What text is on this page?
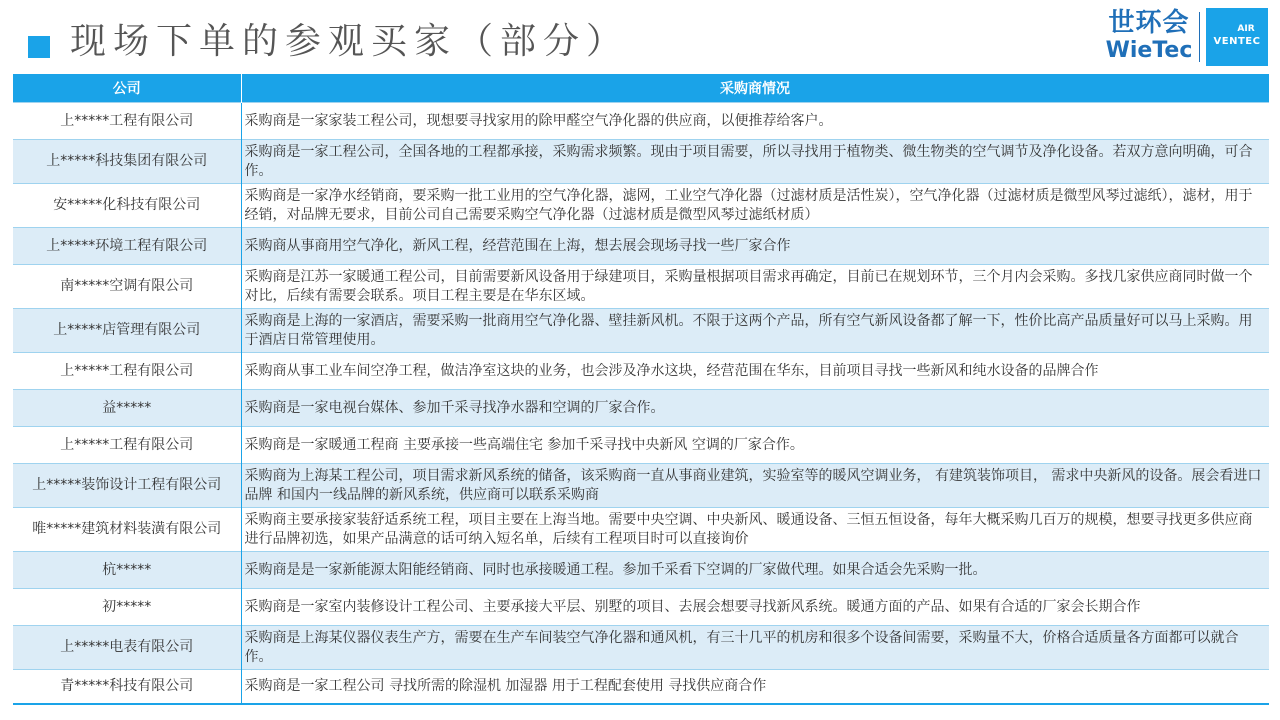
现场下单的参观买家（部分）	世环会
WieTec
AIR
VENTEC
公司	采购商情况
上*****工程有限公司	采购商是一家家装工程公司，现想要寻找家用的除甲醛空气净化器的供应商，以便推荐给客户。
上*****科技集团有限公司	采购商是一家工程公司，全国各地的工程都承接，采购需求频繁。现由于项目需要，所以寻找用于植物类、微生物类的空气调节及净化设备。若双方意向明确，可合作。
安*****化科技有限公司	采购商是一家净水经销商，要采购一批工业用的空气净化器，滤网，工业空气净化器（过滤材质是活性炭），空气净化器（过滤材质是微型风琴过滤纸），滤材，用于经销，对品牌无要求，目前公司自己需要采购空气净化器（过滤材质是微型风琴过滤纸材质）
上*****环境工程有限公司	采购商从事商用空气净化，新风工程，经营范围在上海，想去展会现场寻找一些厂家合作
南*****空调有限公司	采购商是江苏一家暖通工程公司，目前需要新风设备用于绿建项目，采购量根据项目需求再确定，目前已在规划环节，三个月内会采购。多找几家供应商同时做一个对比，后续有需要会联系。项目工程主要是在华东区域。
上*****店管理有限公司	采购商是上海的一家酒店，需要采购一批商用空气净化器、壁挂新风机。不限于这两个产品，所有空气新风设备都了解一下，性价比高产品质量好可以马上采购。用于酒店日常管理使用。
上*****工程有限公司	采购商从事工业车间空净工程，做洁净室这块的业务，也会涉及净水这块，经营范围在华东，目前项目寻找一些新风和纯水设备的品牌合作
益*****	采购商是一家电视台媒体、参加千采寻找净水器和空调的厂家合作。
上*****工程有限公司	采购商是一家暖通工程商 主要承接一些高端住宅 参加千采寻找中央新风 空调的厂家合作。
上*****装饰设计工程有限公司	采购商为上海某工程公司，项目需求新风系统的储备，该采购商一直从事商业建筑，实验室等的暖风空调业务， 有建筑装饰项目， 需求中央新风的设备。展会看进口品牌 和国内一线品牌的新风系统，供应商可以联系采购商
唯*****建筑材料装潢有限公司	采购商主要承接家装舒适系统工程，项目主要在上海当地。需要中央空调、中央新风、暖通设备、三恒五恒设备，每年大概采购几百万的规模，想要寻找更多供应商进行品牌初选，如果产品满意的话可纳入短名单，后续有工程项目时可以直接询价
杭*****	采购商是是一家新能源太阳能经销商、同时也承接暖通工程。参加千采看下空调的厂家做代理。如果合适会先采购一批。
初*****	采购商是一家室内装修设计工程公司、主要承接大平层、别墅的项目、去展会想要寻找新风系统。暖通方面的产品、如果有合适的厂家会长期合作
上*****电表有限公司	采购商是上海某仪器仪表生产方，需要在生产车间装空气净化器和通风机，有三十几平的机房和很多个设备间需要，采购量不大，价格合适质量各方面都可以就合作。
青*****科技有限公司	采购商是一家工程公司 寻找所需的除湿机 加湿器 用于工程配套使用 寻找供应商合作
